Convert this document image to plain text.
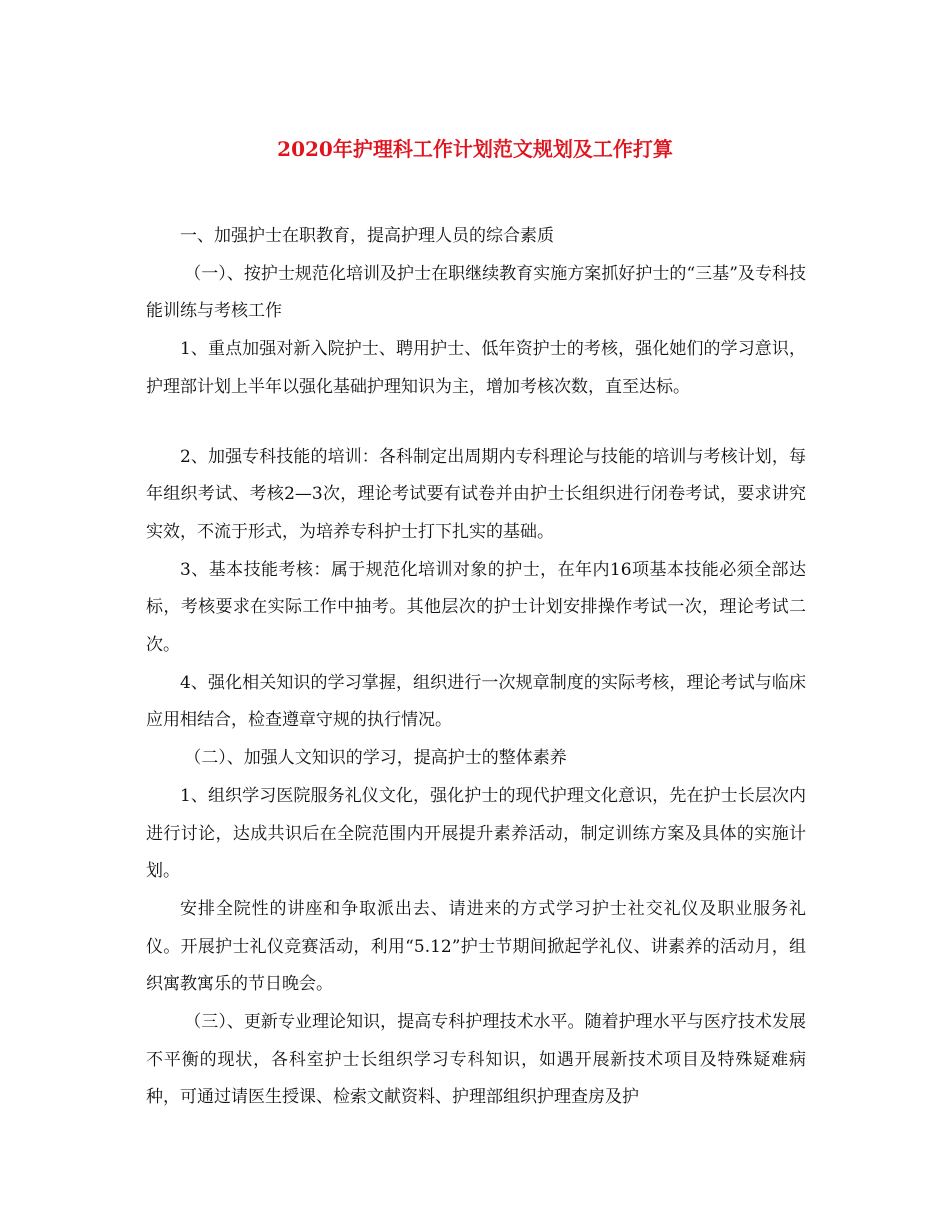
2020年护理科工作计划范文规划及工作打算

一、加强护士在职教育，提高护理人员的综合素质

（一）、按护士规范化培训及护士在职继续教育实施方案抓好护士的“三基”及专科技能训练与考核工作

1、重点加强对新入院护士、聘用护士、低年资护士的考核，强化她们的学习意识，护理部计划上半年以强化基础护理知识为主，增加考核次数，直至达标。

2、加强专科技能的培训：各科制定出周期内专科理论与技能的培训与考核计划，每年组织考试、考核2—3次，理论考试要有试卷并由护士长组织进行闭卷考试，要求讲究实效，不流于形式，为培养专科护士打下扎实的基础。

3、基本技能考核：属于规范化培训对象的护士，在年内16项基本技能必须全部达标，考核要求在实际工作中抽考。其他层次的护士计划安排操作考试一次，理论考试二次。

4、强化相关知识的学习掌握，组织进行一次规章制度的实际考核，理论考试与临床应用相结合，检查遵章守规的执行情况。

（二）、加强人文知识的学习，提高护士的整体素养

1、组织学习医院服务礼仪文化，强化护士的现代护理文化意识，先在护士长层次内进行讨论，达成共识后在全院范围内开展提升素养活动，制定训练方案及具体的实施计划。

安排全院性的讲座和争取派出去、请进来的方式学习护士社交礼仪及职业服务礼仪。开展护士礼仪竞赛活动，利用“5.12”护士节期间掀起学礼仪、讲素养的活动月，组织寓教寓乐的节日晚会。

（三）、更新专业理论知识，提高专科护理技术水平。随着护理水平与医疗技术发展不平衡的现状，各科室护士长组织学习专科知识，如遇开展新技术项目及特殊疑难病种，可通过请医生授课、检索文献资料、护理部组织护理查房及护
